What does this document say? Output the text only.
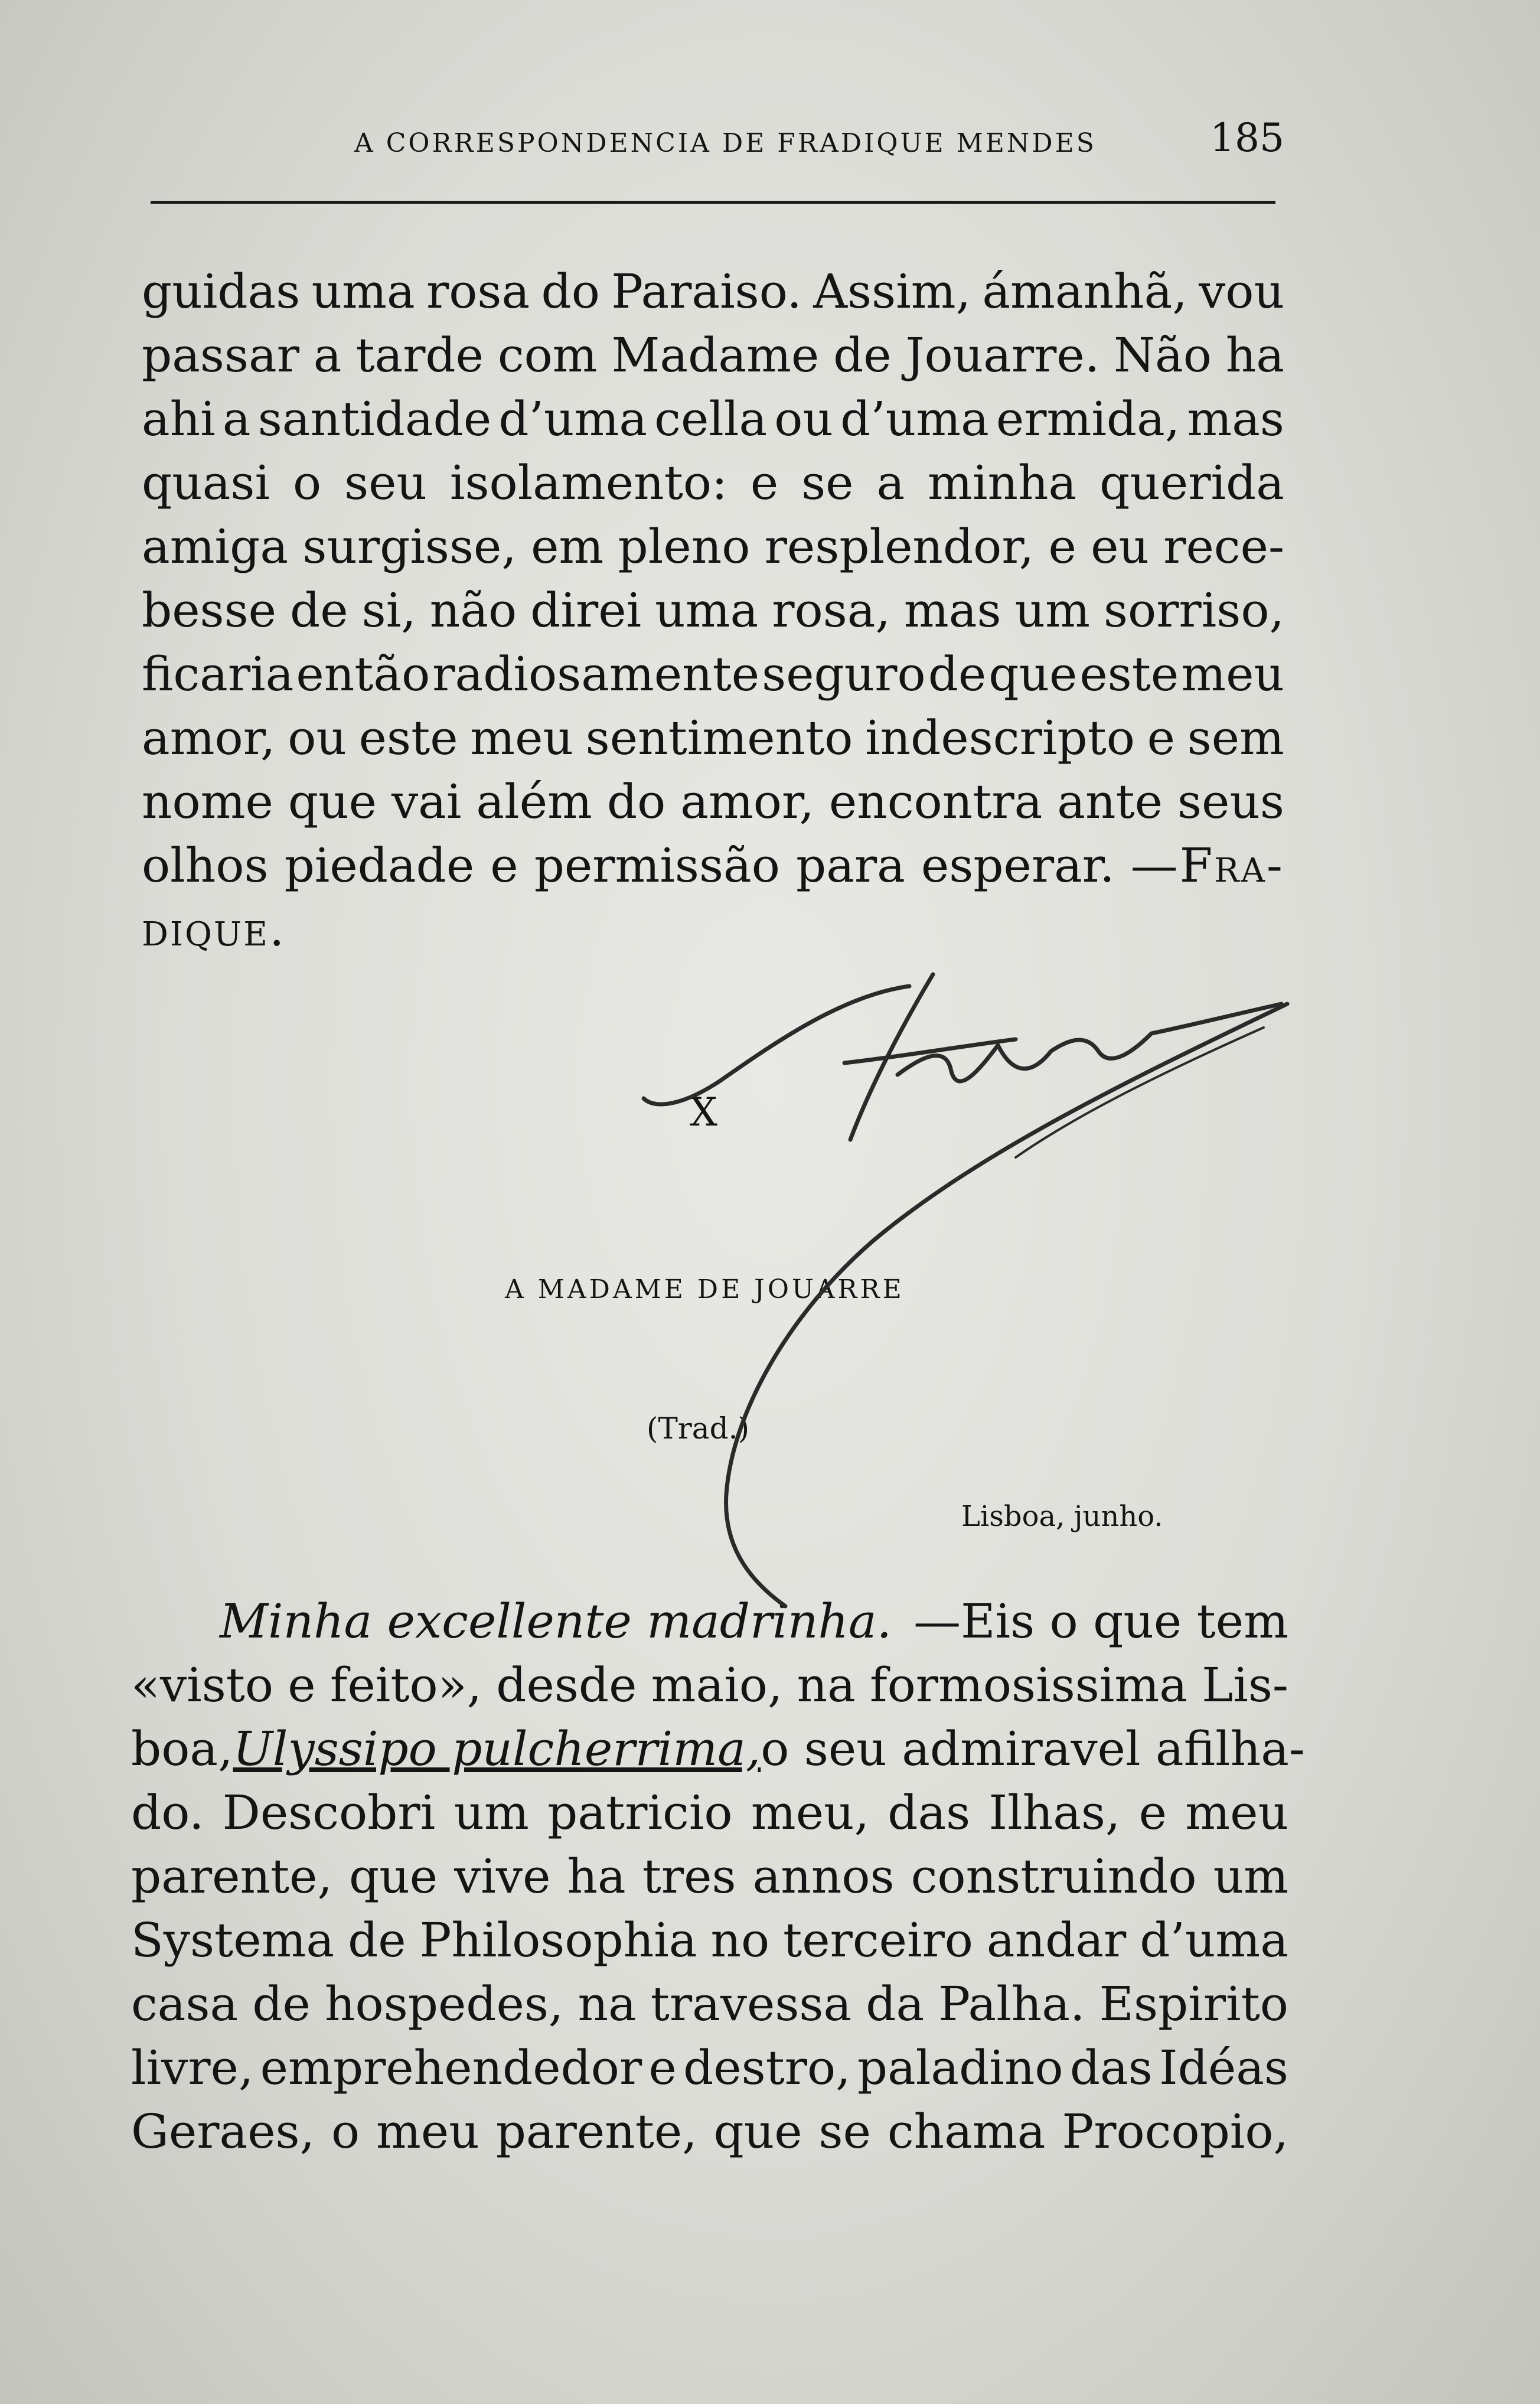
A CORRESPONDENCIA DE FRADIQUE MENDES	185
guidas uma rosa do Paraiso. Assim, ámanhã, vou
passar a tarde com Madame de Jouarre. Não ha
ahi a santidade d’uma cella ou d’uma ermida, mas
quasi o seu isolamento: e se a minha querida
amiga surgisse, em pleno resplendor, e eu rece-
besse de si, não direi uma rosa, mas um sorriso,
ficaria então radiosamente seguro de que este meu
amor, ou este meu sentimento indescripto e sem
nome que vai além do amor, encontra ante seus
olhos piedade e permissão para esperar. —Fra-
dique.
X
A MADAME DE JOUARRE
(Trad.)
Lisboa, junho.
Minha excellente madrinha. —Eis o que tem
«visto e feito», desde maio, na formosissima Lis-
boa, Ulyssipo pulcherrima, o seu admiravel afilha-
do. Descobri um patricio meu, das Ilhas, e meu
parente, que vive ha tres annos construindo um
Systema de Philosophia no terceiro andar d’uma
casa de hospedes, na travessa da Palha. Espirito
livre, emprehendedor e destro, paladino das Idéas
Geraes, o meu parente, que se chama Procopio,
